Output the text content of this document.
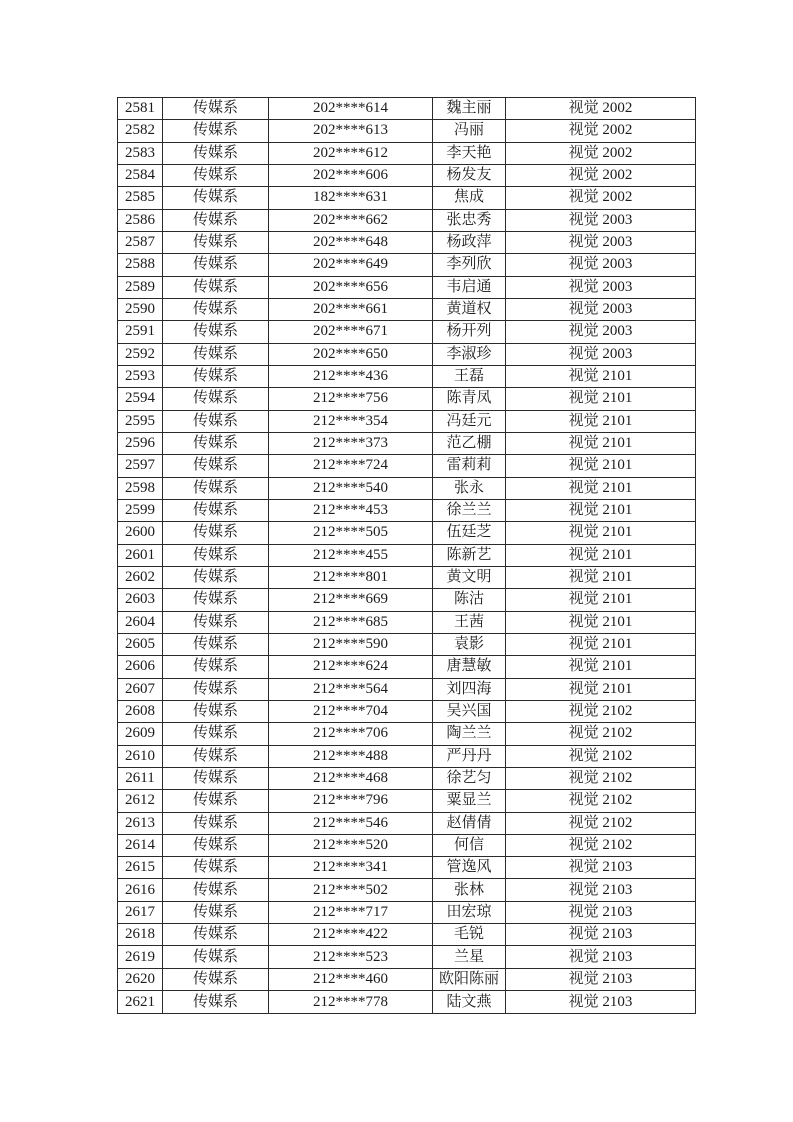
2581	传媒系	202****614	魏主丽	视觉 2002
2582	传媒系	202****613	冯丽	视觉 2002
2583	传媒系	202****612	李天艳	视觉 2002
2584	传媒系	202****606	杨发友	视觉 2002
2585	传媒系	182****631	焦成	视觉 2002
2586	传媒系	202****662	张忠秀	视觉 2003
2587	传媒系	202****648	杨政萍	视觉 2003
2588	传媒系	202****649	李列欣	视觉 2003
2589	传媒系	202****656	韦启通	视觉 2003
2590	传媒系	202****661	黄道权	视觉 2003
2591	传媒系	202****671	杨开列	视觉 2003
2592	传媒系	202****650	李淑珍	视觉 2003
2593	传媒系	212****436	王磊	视觉 2101
2594	传媒系	212****756	陈青凤	视觉 2101
2595	传媒系	212****354	冯廷元	视觉 2101
2596	传媒系	212****373	范乙棚	视觉 2101
2597	传媒系	212****724	雷莉莉	视觉 2101
2598	传媒系	212****540	张永	视觉 2101
2599	传媒系	212****453	徐兰兰	视觉 2101
2600	传媒系	212****505	伍廷芝	视觉 2101
2601	传媒系	212****455	陈新艺	视觉 2101
2602	传媒系	212****801	黄文明	视觉 2101
2603	传媒系	212****669	陈沽	视觉 2101
2604	传媒系	212****685	王茜	视觉 2101
2605	传媒系	212****590	袁影	视觉 2101
2606	传媒系	212****624	唐慧敏	视觉 2101
2607	传媒系	212****564	刘四海	视觉 2101
2608	传媒系	212****704	吴兴国	视觉 2102
2609	传媒系	212****706	陶兰兰	视觉 2102
2610	传媒系	212****488	严丹丹	视觉 2102
2611	传媒系	212****468	徐艺匀	视觉 2102
2612	传媒系	212****796	粟显兰	视觉 2102
2613	传媒系	212****546	赵倩倩	视觉 2102
2614	传媒系	212****520	何信	视觉 2102
2615	传媒系	212****341	管逸风	视觉 2103
2616	传媒系	212****502	张林	视觉 2103
2617	传媒系	212****717	田宏琼	视觉 2103
2618	传媒系	212****422	毛锐	视觉 2103
2619	传媒系	212****523	兰星	视觉 2103
2620	传媒系	212****460	欧阳陈丽	视觉 2103
2621	传媒系	212****778	陆文燕	视觉 2103
